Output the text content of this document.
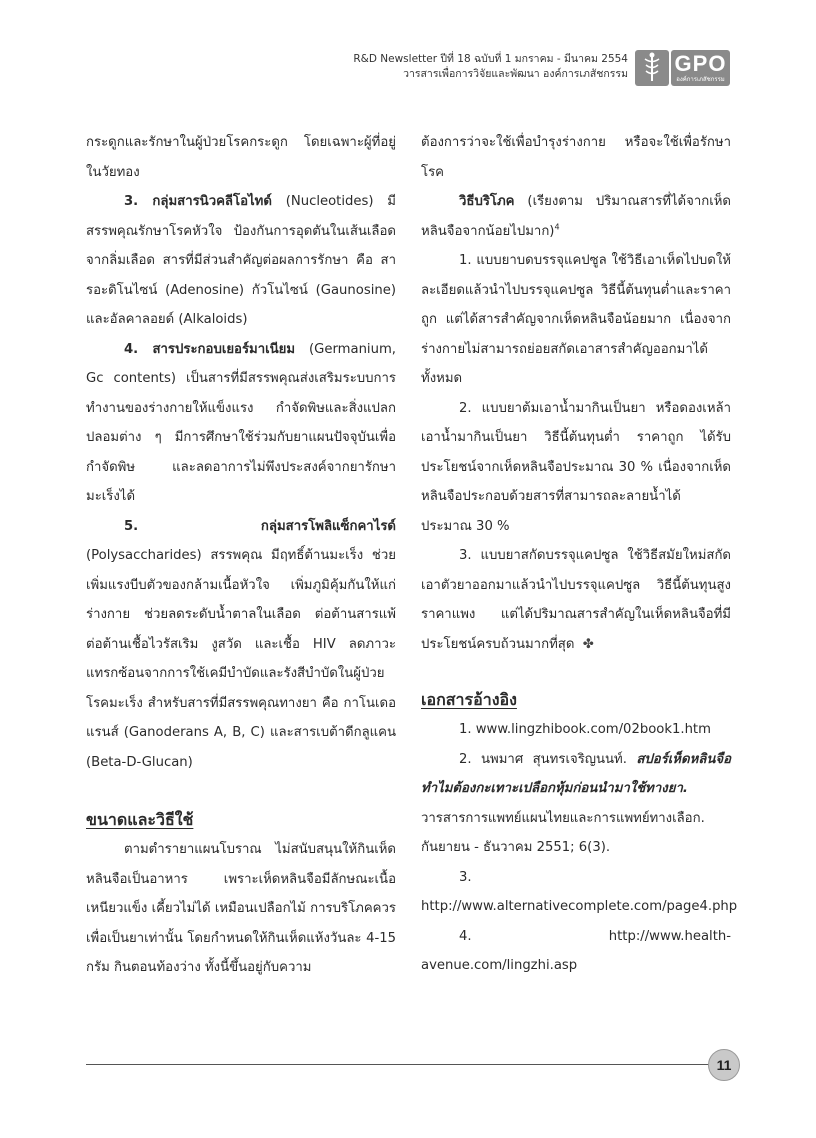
R&D Newsletter ปีที่ 18 ฉบับที่ 1 มกราคม - มีนาคม 2554
วารสารเพื่อการวิจัยและพัฒนา องค์การเภสัชกรรม GPO
องค์การเภสัชกรรม

กระดูกและรักษาในผู้ป่วยโรคกระดูก โดยเฉพาะผู้ที่อยู่ในวัยทอง

3. กลุ่มสารนิวคลีโอไทด์ (Nucleotides) มีสรรพคุณรักษาโรคหัวใจ ป้องกันการอุดตันในเส้นเลือด จากลิ่มเลือด สารที่มีส่วนสำคัญต่อผลการรักษา คือ สารอะดิโนไซน์ (Adenosine) กัวโนไซน์ (Gaunosine) และอัลคาลอยด์ (Alkaloids)

4. สารประกอบเยอร์มาเนียม (Germanium, Gc contents) เป็นสารที่มีสรรพคุณส่งเสริมระบบการทำงานของร่างกายให้แข็งแรง กำจัดพิษและสิ่งแปลกปลอมต่าง ๆ มีการศึกษาใช้ร่วมกับยาแผนปัจจุบันเพื่อกำจัดพิษ และลดอาการไม่พึงประสงค์จากยารักษามะเร็งได้

5. กลุ่มสารโพลิแซ็กคาไรด์ (Polysaccharides) สรรพคุณ มีฤทธิ์ต้านมะเร็ง ช่วยเพิ่มแรงบีบตัวของกล้ามเนื้อหัวใจ เพิ่มภูมิคุ้มกันให้แก่ร่างกาย ช่วยลดระดับน้ำตาลในเลือด ต่อต้านสารแพ้ ต่อต้านเชื้อไวรัสเริม งูสวัด และเชื้อ HIV ลดภาวะแทรกซ้อนจากการใช้เคมีบำบัดและรังสีบำบัดในผู้ป่วยโรคมะเร็ง สำหรับสารที่มีสรรพคุณทางยา คือ กาโนเดอแรนส์ (Ganoderans A, B, C) และสารเบต้าดีกลูแคน (Beta-D-Glucan)

ขนาดและวิธีใช้

ตามตำรายาแผนโบราณ ไม่สนับสนุนให้กินเห็ดหลินจือเป็นอาหาร เพราะเห็ดหลินจือมีลักษณะเนื้อเหนียวแข็ง เคี้ยวไม่ได้ เหมือนเปลือกไม้ การบริโภคควรเพื่อเป็นยาเท่านั้น โดยกำหนดให้กินเห็ดแห้งวันละ 4-15 กรัม กินตอนท้องว่าง ทั้งนี้ขึ้นอยู่กับความ

ต้องการว่าจะใช้เพื่อบำรุงร่างกาย หรือจะใช้เพื่อรักษาโรค

วิธีบริโภค (เรียงตาม ปริมาณสารที่ได้จากเห็ดหลินจือจากน้อยไปมาก)$^4$

1. แบบยาบดบรรจุแคปซูล ใช้วิธีเอาเห็ดไปบดให้ละเอียดแล้วนำไปบรรจุแคปซูล วิธีนี้ต้นทุนต่ำและราคาถูก แต่ได้สารสำคัญจากเห็ดหลินจือน้อยมาก เนื่องจากร่างกายไม่สามารถย่อยสกัดเอาสารสำคัญออกมาได้ทั้งหมด

2. แบบยาต้มเอาน้ำมากินเป็นยา หรือดองเหล้าเอาน้ำมากินเป็นยา วิธีนี้ต้นทุนต่ำ ราคาถูก ได้รับประโยชน์จากเห็ดหลินจือประมาณ 30 % เนื่องจากเห็ดหลินจือประกอบด้วยสารที่สามารถละลายน้ำได้ประมาณ 30 %

3. แบบยาสกัดบรรจุแคปซูล ใช้วิธีสมัยใหม่สกัดเอาตัวยาออกมาแล้วนำไปบรรจุแคปซูล วิธีนี้ต้นทุนสูงราคาแพง แต่ได้ปริมาณสารสำคัญในเห็ดหลินจือที่มีประโยชน์ครบถ้วนมากที่สุด ✤

เอกสารอ้างอิง

1. www.lingzhibook.com/02book1.htm

2. นพมาศ สุนทรเจริญนนท์. สปอร์เห็ดหลินจือ ทำไมต้องกะเทาะเปลือกหุ้มก่อนนำมาใช้ทางยา. วารสารการแพทย์แผนไทยและการแพทย์ทางเลือก. กันยายน - ธันวาคม 2551; 6(3).

3. http://www.alternativecomplete.com/page4.php

4. http://www.health-avenue.com/lingzhi.asp

11
